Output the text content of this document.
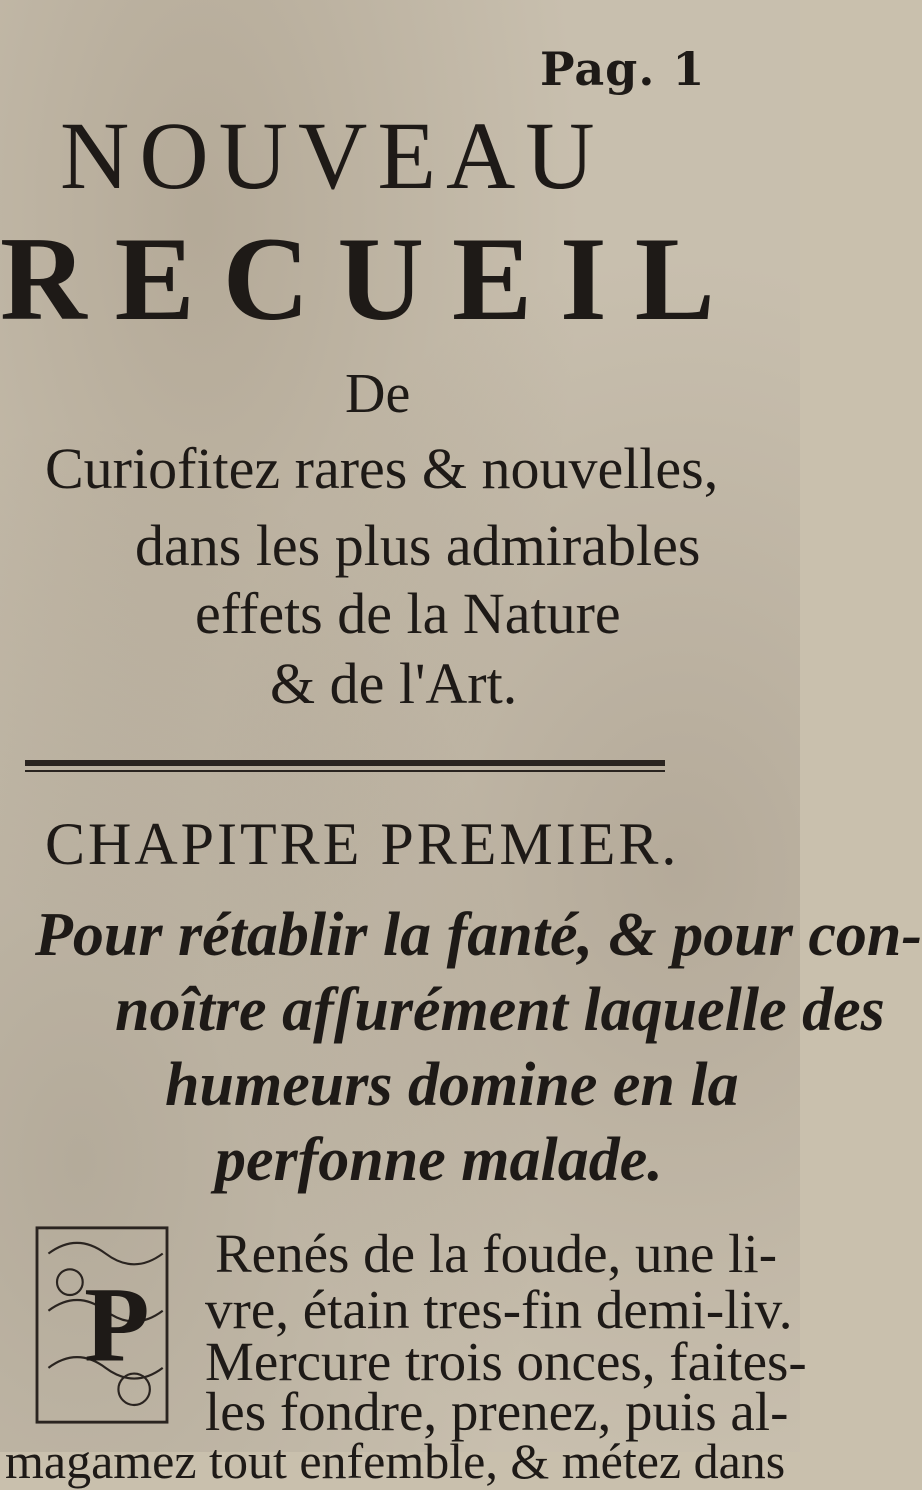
Pag. 1
NOUVEAU
RECUEIL
De
Curiofitez rares & nouvelles,
dans les plus admirables
effets de la Nature
& de l'Art.
CHAPITRE PREMIER.
Pour rétablir la fanté, & pour con-
noître afſurément laquelle des
humeurs domine en la
perfonne malade.
P
Renés de la foude, une li-
vre, étain tres-fin demi-liv.
Mercure trois onces, faites-
les fondre, prenez, puis al-
magamez tout enfemble, & métez dans
